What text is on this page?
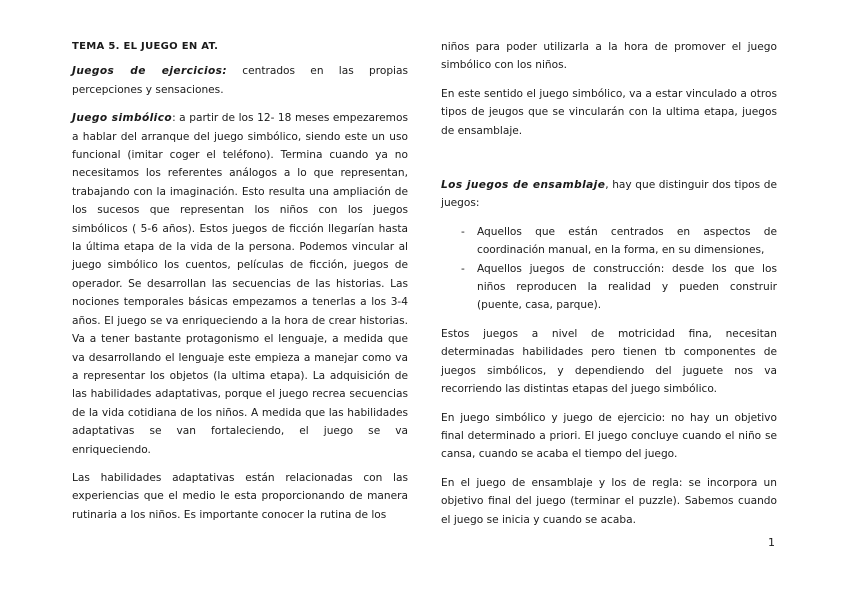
TEMA 5. EL JUEGO EN AT.

Juegos de ejercicios: centrados en las propias percepciones y sensaciones.

Juego simbólico: a partir de los 12- 18 meses empezaremos a hablar del arranque del juego simbólico, siendo este un uso funcional (imitar coger el teléfono). Termina cuando ya no necesitamos los referentes análogos a lo que representan, trabajando con la imaginación. Esto resulta una ampliación de los sucesos que representan los niños con los juegos simbólicos ( 5-6 años). Estos juegos de ficción llegarían hasta la última etapa de la vida de la persona. Podemos vincular al juego simbólico los cuentos, películas de ficción, juegos de operador. Se desarrollan las secuencias de las historias. Las nociones temporales básicas empezamos a tenerlas a los 3-4 años. El juego se va enriqueciendo a la hora de crear historias. Va a tener bastante protagonismo el lenguaje, a medida que va desarrollando el lenguaje este empieza a manejar como va a representar los objetos (la ultima etapa). La adquisición de las habilidades adaptativas, porque el juego recrea secuencias de la vida cotidiana de los niños. A medida que las habilidades adaptativas se van fortaleciendo, el juego se va enriqueciendo.

Las habilidades adaptativas están relacionadas con las experiencias que el medio le esta proporcionando de manera rutinaria a los niños. Es importante conocer la rutina de los

niños para poder utilizarla a la hora de promover el juego simbólico con los niños.

En este sentido el juego simbólico, va a estar vinculado a otros tipos de jeugos que se vincularán con la ultima etapa, juegos de ensamblaje.

Los juegos de ensamblaje, hay que distinguir dos tipos de juegos:

- Aquellos que están centrados en aspectos de coordinación manual, en la forma, en su dimensiones,
- Aquellos juegos de construcción: desde los que los niños reproducen la realidad y pueden construir (puente, casa, parque).

Estos juegos a nivel de motricidad fina, necesitan determinadas habilidades pero tienen tb componentes de juegos simbólicos, y dependiendo del juguete nos va recorriendo las distintas etapas del juego simbólico.

En juego simbólico y juego de ejercicio: no hay un objetivo final determinado a priori. El juego concluye cuando el niño se cansa, cuando se acaba el tiempo del juego.

En el juego de ensamblaje y los de regla: se incorpora un objetivo final del juego (terminar el puzzle). Sabemos cuando el juego se inicia y cuando se acaba.

1
